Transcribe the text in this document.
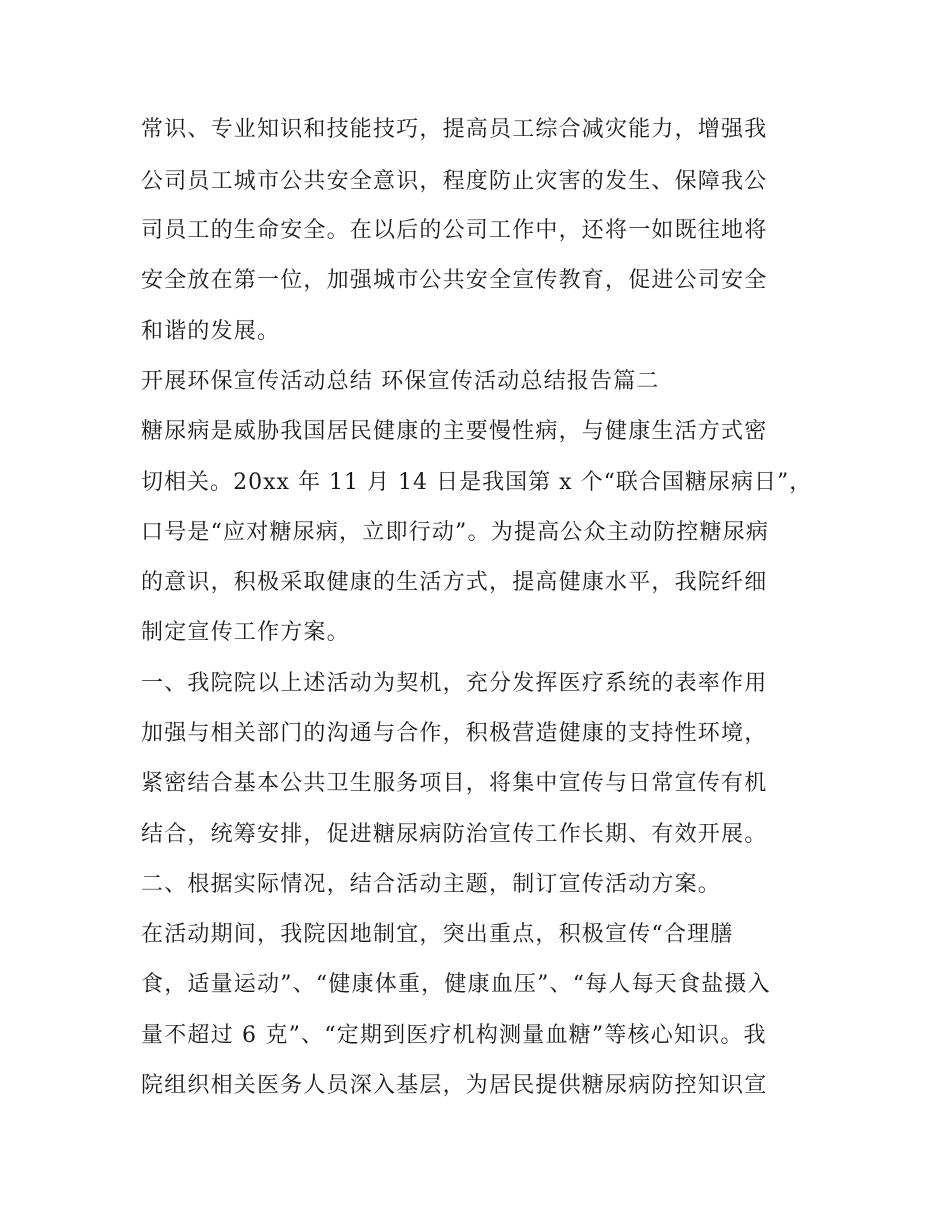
常识、专业知识和技能技巧，提高员工综合减灾能力，增强我
公司员工城市公共安全意识，程度防止灾害的发生、保障我公
司员工的生命安全。在以后的公司工作中，还将一如既往地将
安全放在第一位，加强城市公共安全宣传教育，促进公司安全
和谐的发展。
开展环保宣传活动总结 环保宣传活动总结报告篇二
糖尿病是威胁我国居民健康的主要慢性病，与健康生活方式密
切相关。20xx 年 11 月 14 日是我国第 x 个“联合国糖尿病日”，
口号是“应对糖尿病，立即行动”。为提高公众主动防控糖尿病
的意识，积极采取健康的生活方式，提高健康水平，我院纤细
制定宣传工作方案。
一、我院院以上述活动为契机，充分发挥医疗系统的表率作用
加强与相关部门的沟通与合作，积极营造健康的支持性环境，
紧密结合基本公共卫生服务项目，将集中宣传与日常宣传有机
结合，统筹安排，促进糖尿病防治宣传工作长期、有效开展。
二、根据实际情况，结合活动主题，制订宣传活动方案。
在活动期间，我院因地制宜，突出重点，积极宣传“合理膳
食，适量运动”、“健康体重，健康血压”、“每人每天食盐摄入
量不超过 6 克”、“定期到医疗机构测量血糖”等核心知识。我
院组织相关医务人员深入基层，为居民提供糖尿病防控知识宣
